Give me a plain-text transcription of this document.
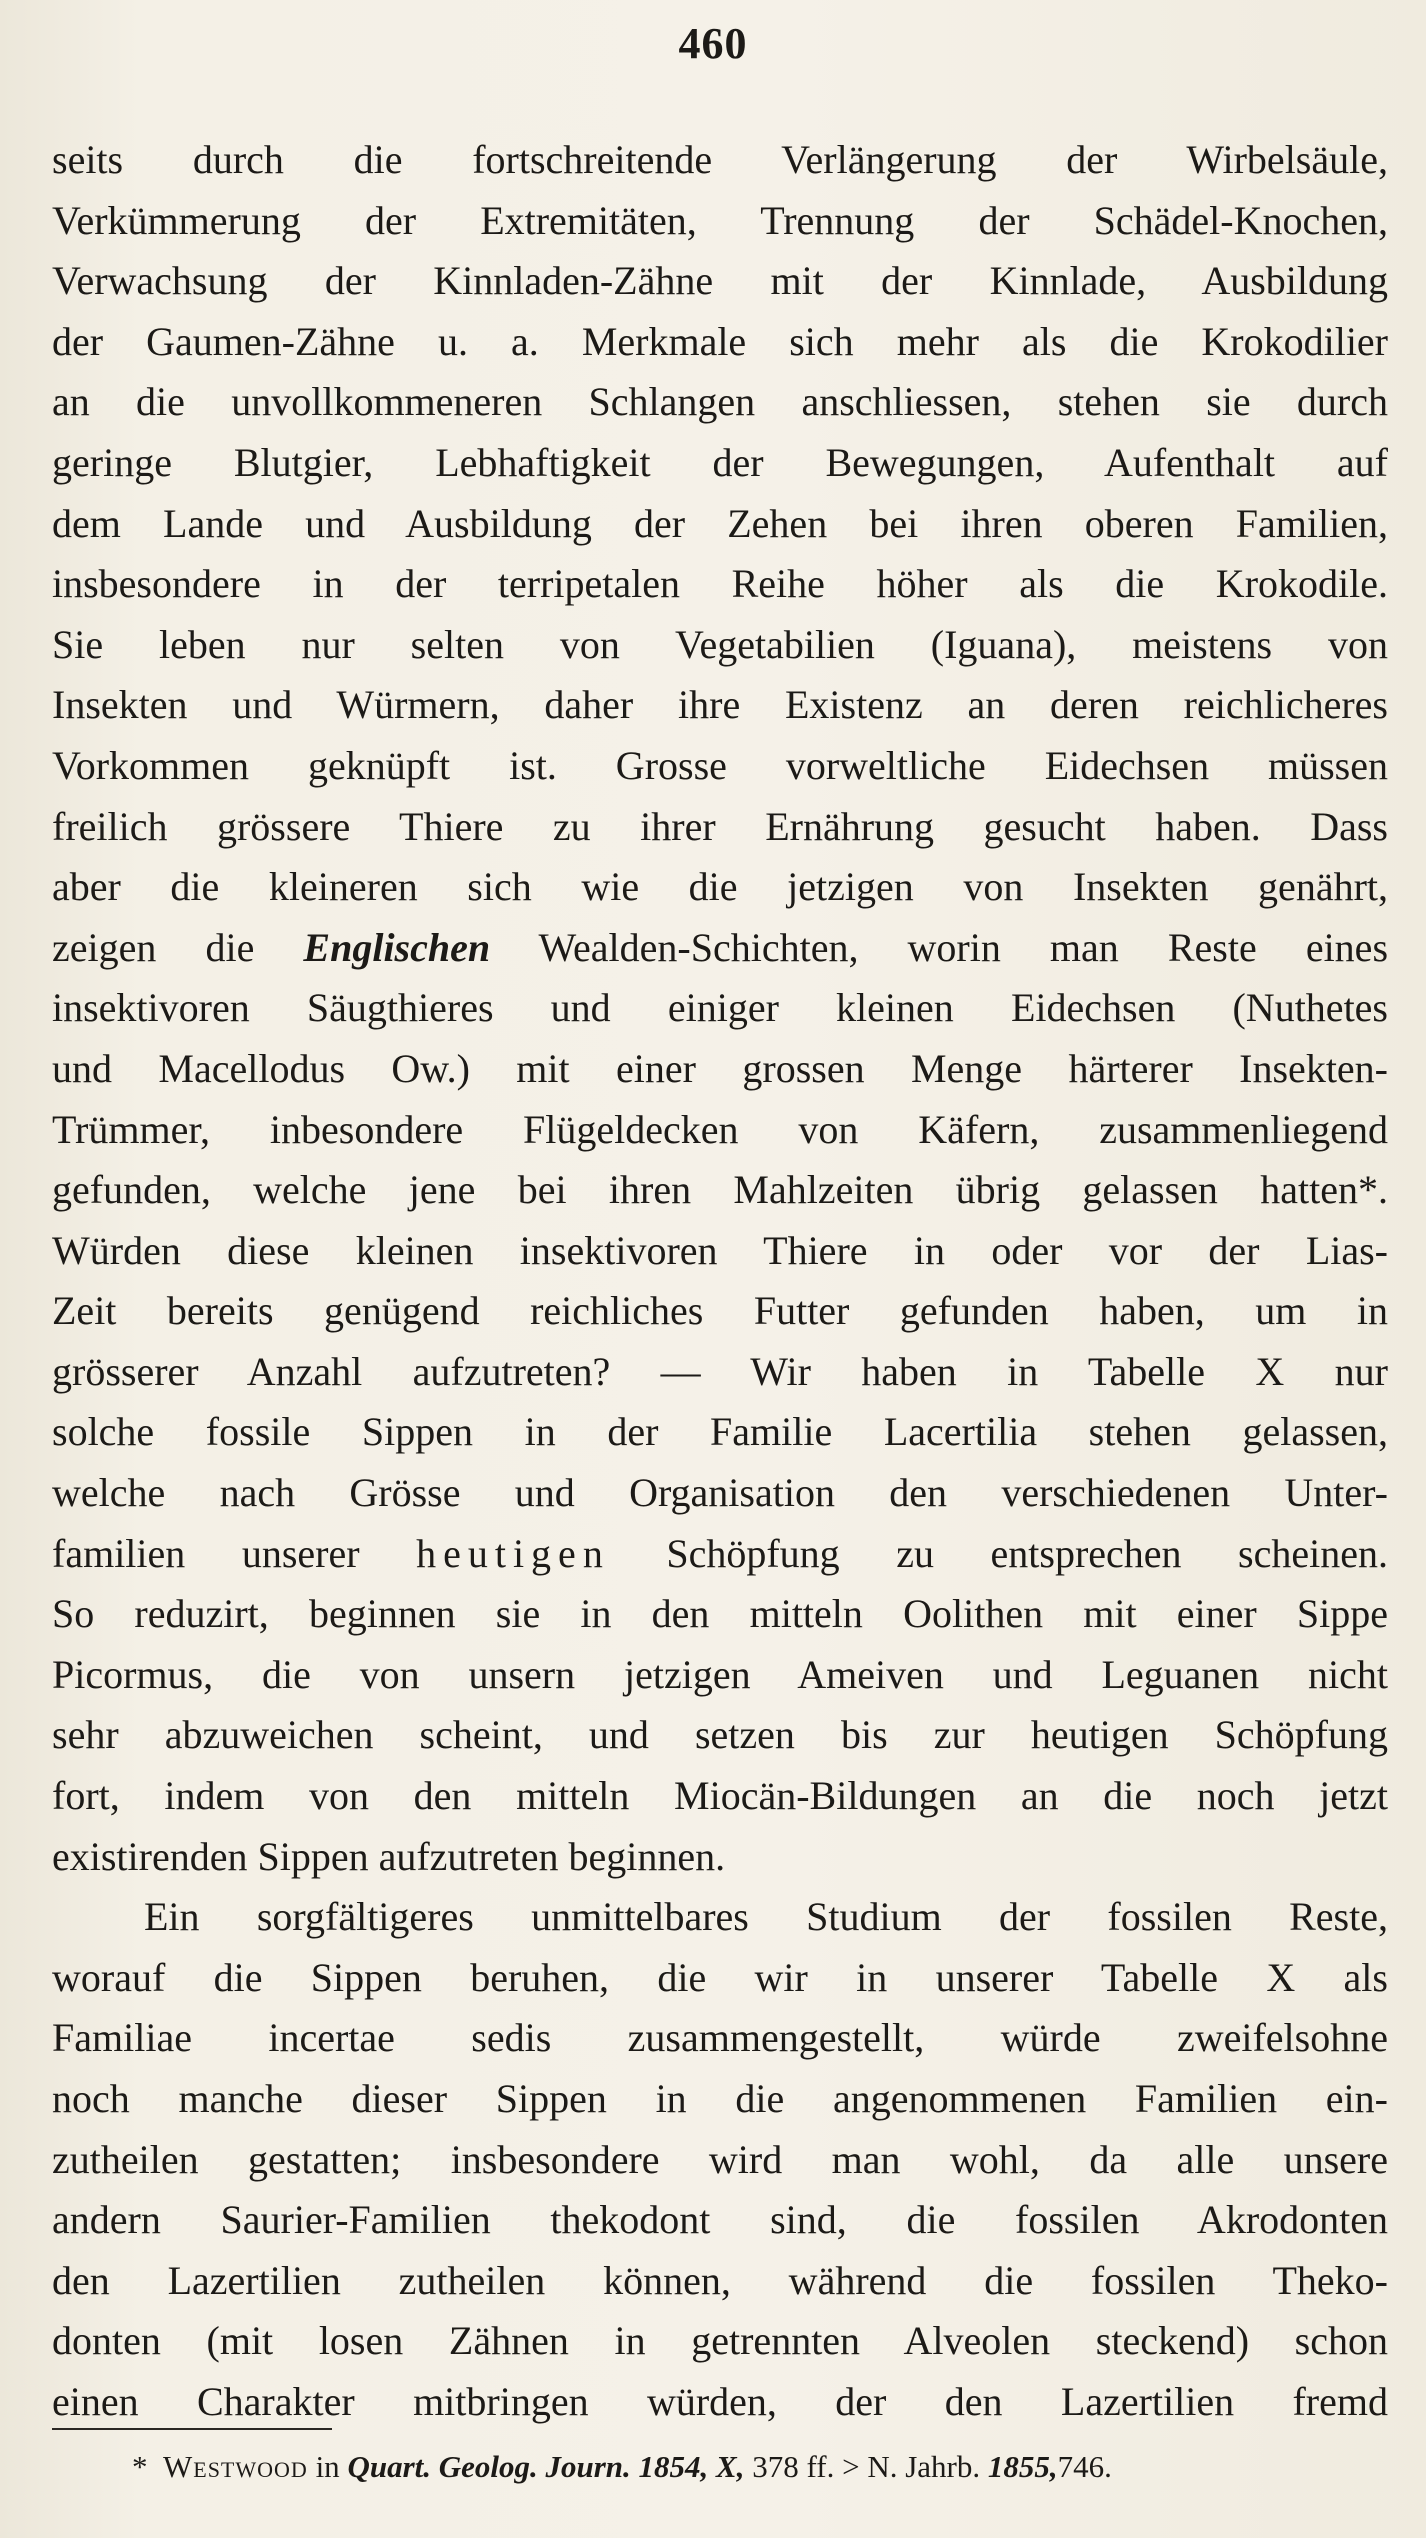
460
seits durch die fortschreitende Verlängerung der Wirbelsäule,
Verkümmerung der Extremitäten, Trennung der Schädel-Knochen,
Verwachsung der Kinnladen-Zähne mit der Kinnlade, Ausbildung
der Gaumen-Zähne u. a. Merkmale sich mehr als die Krokodilier
an die unvollkommeneren Schlangen anschliessen, stehen sie durch
geringe Blutgier, Lebhaftigkeit der Bewegungen, Aufenthalt auf
dem Lande und Ausbildung der Zehen bei ihren oberen Familien,
insbesondere in der terripetalen Reihe höher als die Krokodile.
Sie leben nur selten von Vegetabilien (Iguana), meistens von
Insekten und Würmern, daher ihre Existenz an deren reichlicheres
Vorkommen geknüpft ist. Grosse vorweltliche Eidechsen müssen
freilich grössere Thiere zu ihrer Ernährung gesucht haben. Dass
aber die kleineren sich wie die jetzigen von Insekten genährt,
zeigen die Englischen Wealden-Schichten, worin man Reste eines
insektivoren Säugthieres und einiger kleinen Eidechsen (Nuthetes
und Macellodus Ow.) mit einer grossen Menge härterer Insekten-
Trümmer, inbesondere Flügeldecken von Käfern, zusammenliegend
gefunden, welche jene bei ihren Mahlzeiten übrig gelassen hatten*.
Würden diese kleinen insektivoren Thiere in oder vor der Lias-
Zeit bereits genügend reichliches Futter gefunden haben, um in
grösserer Anzahl aufzutreten? — Wir haben in Tabelle X nur
solche fossile Sippen in der Familie Lacertilia stehen gelassen,
welche nach Grösse und Organisation den verschiedenen Unter-
familien unserer heutigen Schöpfung zu entsprechen scheinen.
So reduzirt, beginnen sie in den mitteln Oolithen mit einer Sippe
Picormus, die von unsern jetzigen Ameiven und Leguanen nicht
sehr abzuweichen scheint, und setzen bis zur heutigen Schöpfung
fort, indem von den mitteln Miocän-Bildungen an die noch jetzt
existirenden Sippen aufzutreten beginnen.
Ein sorgfältigeres unmittelbares Studium der fossilen Reste,
worauf die Sippen beruhen, die wir in unserer Tabelle X als
Familiae incertae sedis zusammengestellt, würde zweifelsohne
noch manche dieser Sippen in die angenommenen Familien ein-
zutheilen gestatten; insbesondere wird man wohl, da alle unsere
andern Saurier-Familien thekodont sind, die fossilen Akrodonten
den Lazertilien zutheilen können, während die fossilen Theko-
donten (mit losen Zähnen in getrennten Alveolen steckend) schon
einen Charakter mitbringen würden, der den Lazertilien fremd
* Westwood in Quart. Geolog. Journ. 1854, X, 378 ff. > N. Jahrb. 1855,746.
